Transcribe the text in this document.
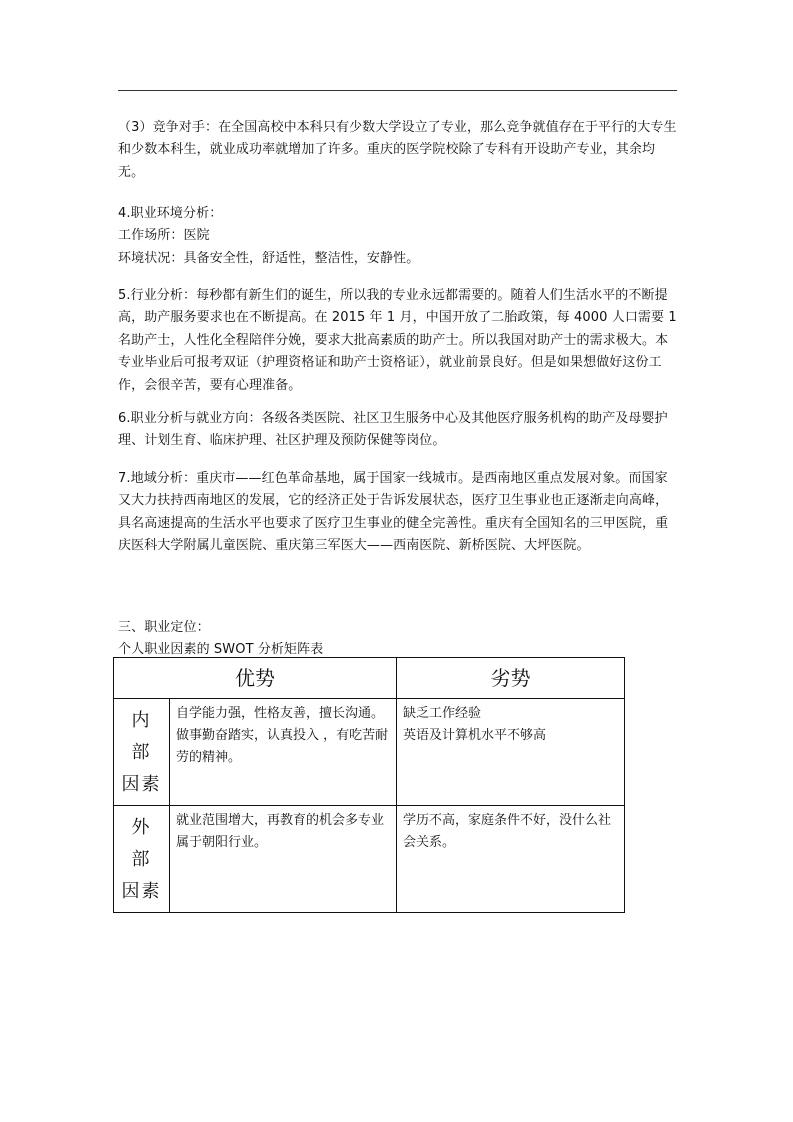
（3）竞争对手：在全国高校中本科只有少数大学设立了专业，那么竞争就值存在于平行的大专生和少数本科生，就业成功率就增加了许多。重庆的医学院校除了专科有开设助产专业，其余均无。

4.职业环境分析：

工作场所：医院

环境状况：具备安全性，舒适性，整洁性，安静性。

5.行业分析：每秒都有新生们的诞生，所以我的专业永远都需要的。随着人们生活水平的不断提高，助产服务要求也在不断提高。在 2015 年 1 月，中国开放了二胎政策，每 4000 人口需要 1 名助产士，人性化全程陪伴分娩，要求大批高素质的助产士。所以我国对助产士的需求极大。本专业毕业后可报考双证（护理资格证和助产士资格证），就业前景良好。但是如果想做好这份工作，会很辛苦，要有心理准备。

6.职业分析与就业方向：各级各类医院、社区卫生服务中心及其他医疗服务机构的助产及母婴护理、计划生育、临床护理、社区护理及预防保健等岗位。

7.地域分析：重庆市——红色革命基地，属于国家一线城市。是西南地区重点发展对象。而国家又大力扶持西南地区的发展，它的经济正处于告诉发展状态，医疗卫生事业也正逐渐走向高峰，具名高速提高的生活水平也要求了医疗卫生事业的健全完善性。重庆有全国知名的三甲医院，重庆医科大学附属儿童医院、重庆第三军医大——西南医院、新桥医院、大坪医院。

三、职业定位：

个人职业因素的 SWOT 分析矩阵表

优势		劣势

内 部
因素	自学能力强，性格友善，擅长沟通。做事勤奋踏实，认真投入 ，有吃苦耐劳的精神。	缺乏工作经验
英语及计算机水平不够高

外 部
因素	就业范围增大，再教育的机会多专业属于朝阳行业。	学历不高，家庭条件不好，没什么社会关系。
